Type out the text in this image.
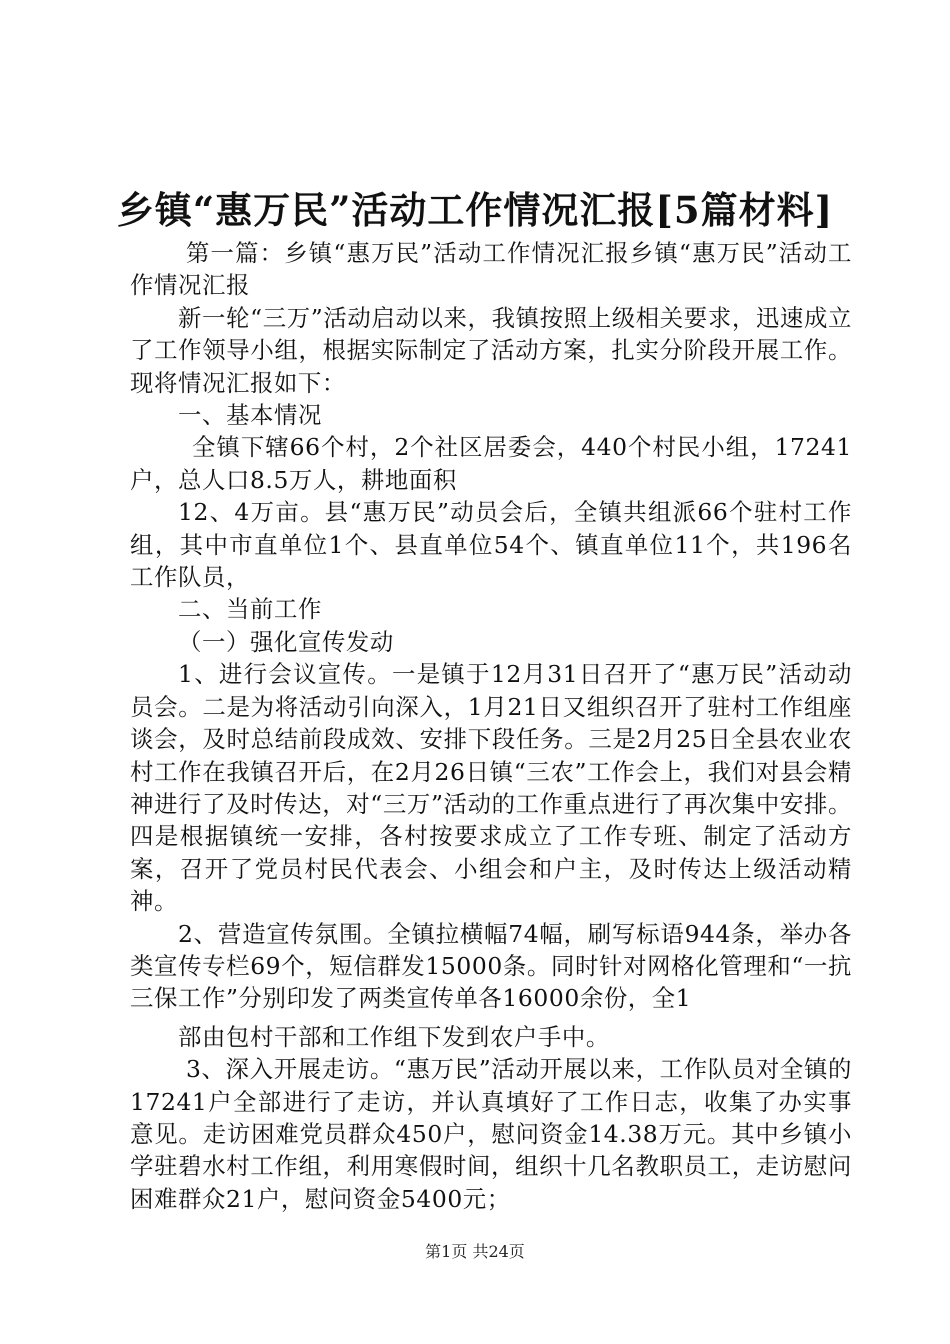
乡镇“惠万民”活动工作情况汇报[5篇材料]

第一篇：乡镇“惠万民”活动工作情况汇报乡镇“惠万民”活动工作情况汇报

新一轮“三万”活动启动以来，我镇按照上级相关要求，迅速成立了工作领导小组，根据实际制定了活动方案，扎实分阶段开展工作。现将情况汇报如下：

一、基本情况

全镇下辖66个村，2个社区居委会，440个村民小组，17241户，总人口8.5万人，耕地面积

12、4万亩。县“惠万民”动员会后，全镇共组派66个驻村工作组，其中市直单位1个、县直单位54个、镇直单位11个，共196名工作队员，

二、当前工作

（一）强化宣传发动

1、进行会议宣传。一是镇于12月31日召开了“惠万民”活动动员会。二是为将活动引向深入，1月21日又组织召开了驻村工作组座谈会，及时总结前段成效、安排下段任务。三是2月25日全县农业农村工作在我镇召开后，在2月26日镇“三农”工作会上，我们对县会精神进行了及时传达，对“三万”活动的工作重点进行了再次集中安排。四是根据镇统一安排，各村按要求成立了工作专班、制定了活动方案，召开了党员村民代表会、小组会和户主，及时传达上级活动精神。

2、营造宣传氛围。全镇拉横幅74幅，刷写标语944条，举办各类宣传专栏69个，短信群发15000条。同时针对网格化管理和“一抗三保工作”分别印发了两类宣传单各16000余份，全1

部由包村干部和工作组下发到农户手中。

3、深入开展走访。“惠万民”活动开展以来，工作队员对全镇的17241户全部进行了走访，并认真填好了工作日志，收集了办实事意见。走访困难党员群众450户，慰问资金14.38万元。其中乡镇小学驻碧水村工作组，利用寒假时间，组织十几名教职员工，走访慰问困难群众21户，慰问资金5400元；

第1页 共24页
